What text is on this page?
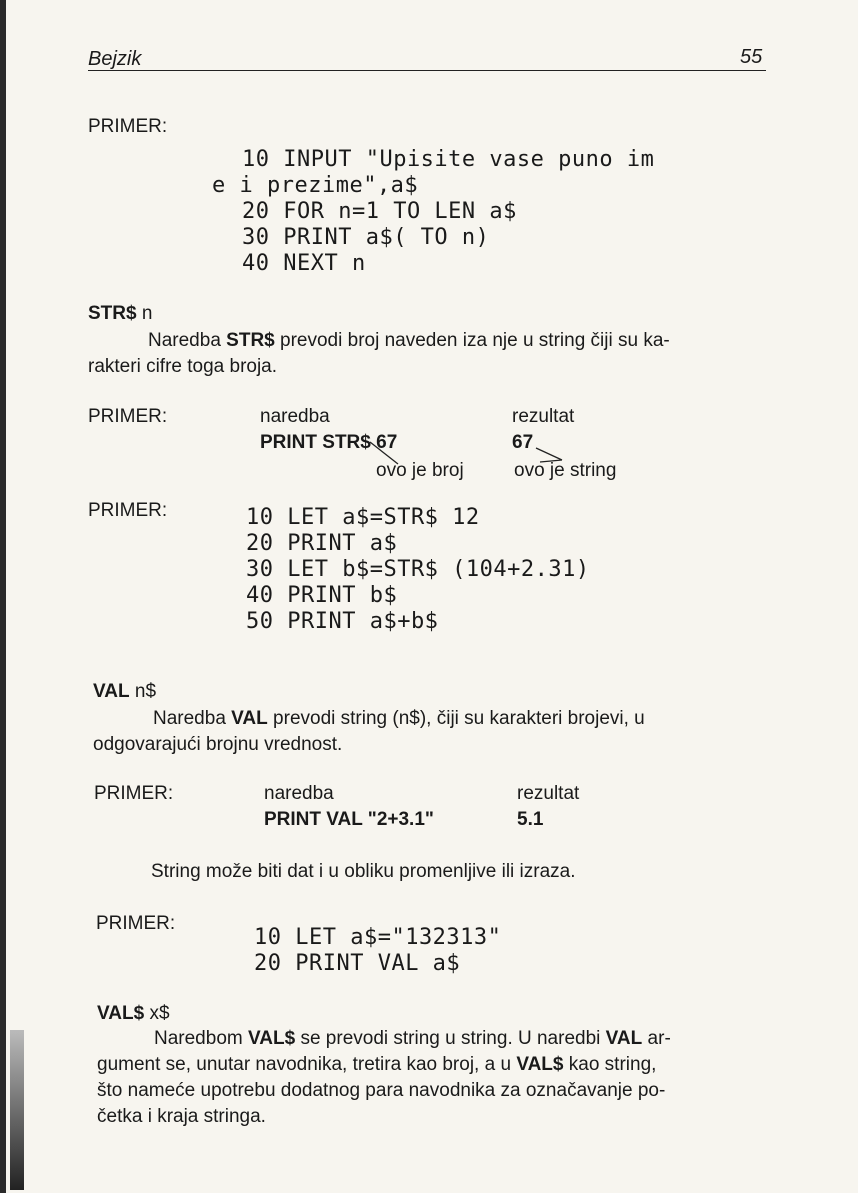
Bejzik	55
PRIMER:
10 INPUT "Upisite vase puno im
e i prezime",a$
20 FOR n=1 TO LEN a$
30 PRINT a$( TO n)
40 NEXT n
STR$ n
Naredba STR$ prevodi broj naveden iza nje u string čiji su ka-
rakteri cifre toga broja.
PRIMER:	naredba	rezultat
PRINT STR$ 67	67
ovo je broj	ovo je string
PRIMER:	10 LET a$=STR$ 12
20 PRINT a$
30 LET b$=STR$ (104+2.31)
40 PRINT b$
50 PRINT a$+b$
VAL n$
Naredba VAL prevodi string (n$), čiji su karakteri brojevi, u
odgovarajući brojnu vrednost.
PRIMER:	naredba	rezultat
PRINT VAL "2+3.1"	5.1
String može biti dat i u obliku promenljive ili izraza.
PRIMER:
10 LET a$="132313"
20 PRINT VAL a$
VAL$ x$
Naredbom VAL$ se prevodi string u string. U naredbi VAL ar-
gument se, unutar navodnika, tretira kao broj, a u VAL$ kao string,
što nameće upotrebu dodatnog para navodnika za označavanje po-
četka i kraja stringa.
